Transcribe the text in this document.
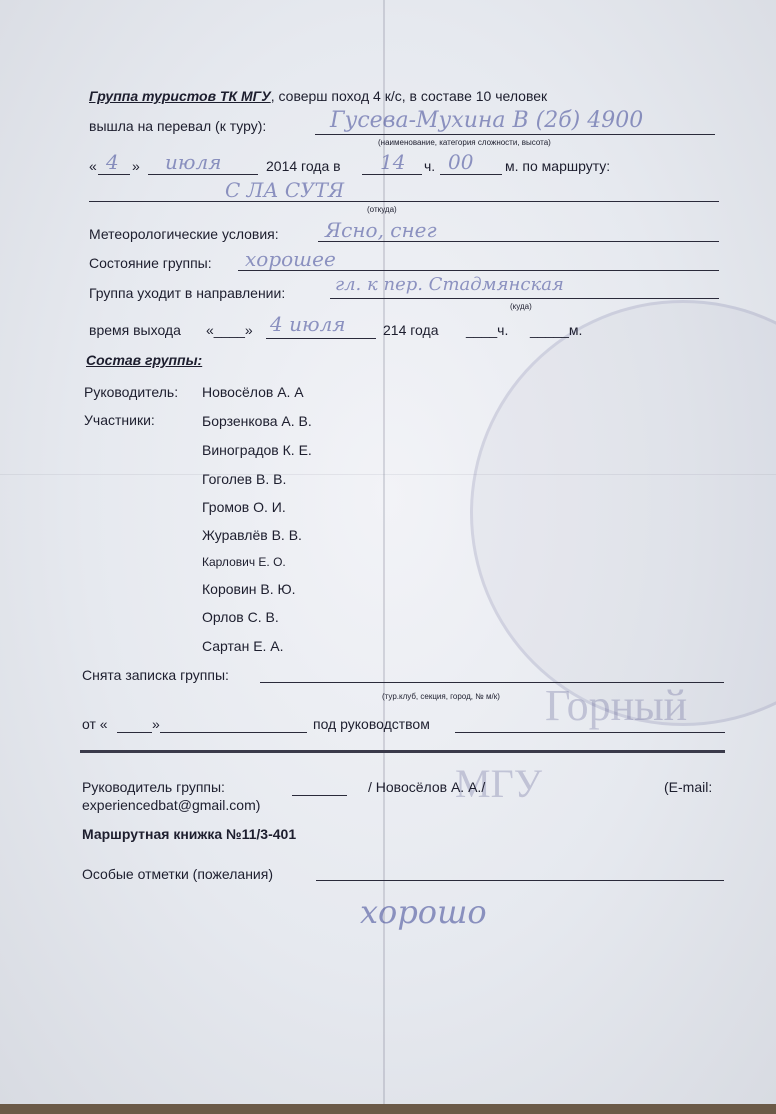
Горный
МГУ
Группа туристов ТК МГУ, соверш поход 4 к/с, в составе 10 человек
вышла на перевал (к туру):	Гусева-Мухина В (2б) 4900
(наименование, категория сложности, высота)
« 4 » июля	2014 года в 14 ч. 00 м. по маршруту:
С ЛА СУТЯ
(откуда)
Метеорологические условия: Ясно, снег
Состояние группы: хорошее
Группа уходит в направлении:	гл. к пер. Стадмянская
(куда)
время выхода «____» 4 июля	214 года ____ч. _____м.
Состав группы:
Руководитель: Новосёлов А. А
Участники:	Борзенкова А. В.
Виноградов К. Е.
Гоголев В. В.
Громов О. И.
Журавлёв В. В.
Карлович Е. О.
Коровин В. Ю.
Орлов С. В.
Сартан Е. А.
Снята записка группы:
(тур.клуб, секция, город, № м/к)
от «	»	под руководством
Руководитель группы:	/ Новосёлов А. А./	(E-mail:
experiencedbat@gmail.com)
Маршрутная книжка №11/3-401
Особые отметки (пожелания)
хорошо
